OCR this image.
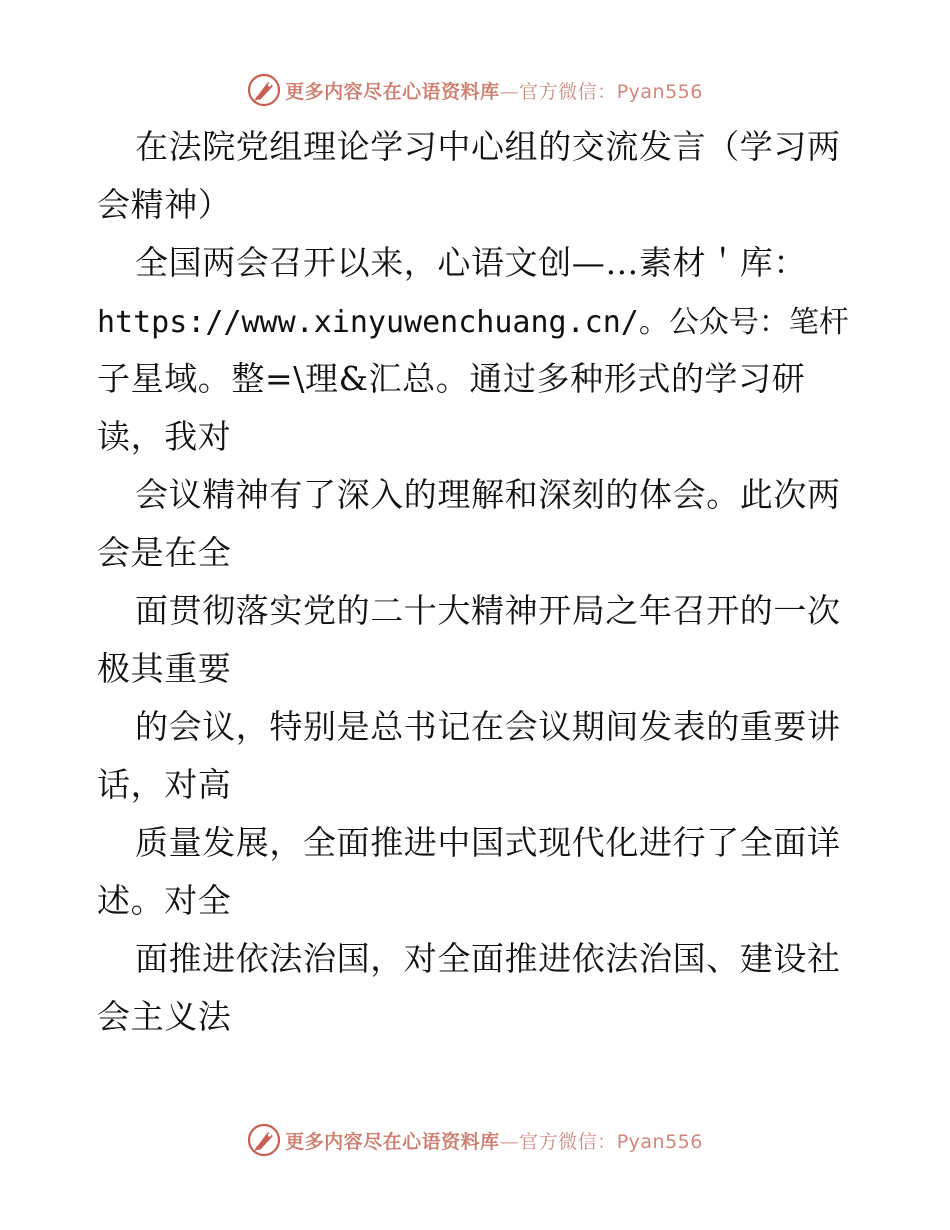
更多内容尽在心语资料库—官方微信：Pyan556
在法院党组理论学习中心组的交流发言（学习两
会精神）
全国两会召开以来，心语文创—…素材＇库：
https://www.xinyuwenchuang.cn/。公众号：笔杆
子星域。整=\理&汇总。通过多种形式的学习研
读，我对
会议精神有了深入的理解和深刻的体会。此次两
会是在全
面贯彻落实党的二十大精神开局之年召开的一次
极其重要
的会议，特别是总书记在会议期间发表的重要讲
话，对高
质量发展，全面推进中国式现代化进行了全面详
述。对全
面推进依法治国，对全面推进依法治国、建设社
会主义法
更多内容尽在心语资料库—官方微信：Pyan556
